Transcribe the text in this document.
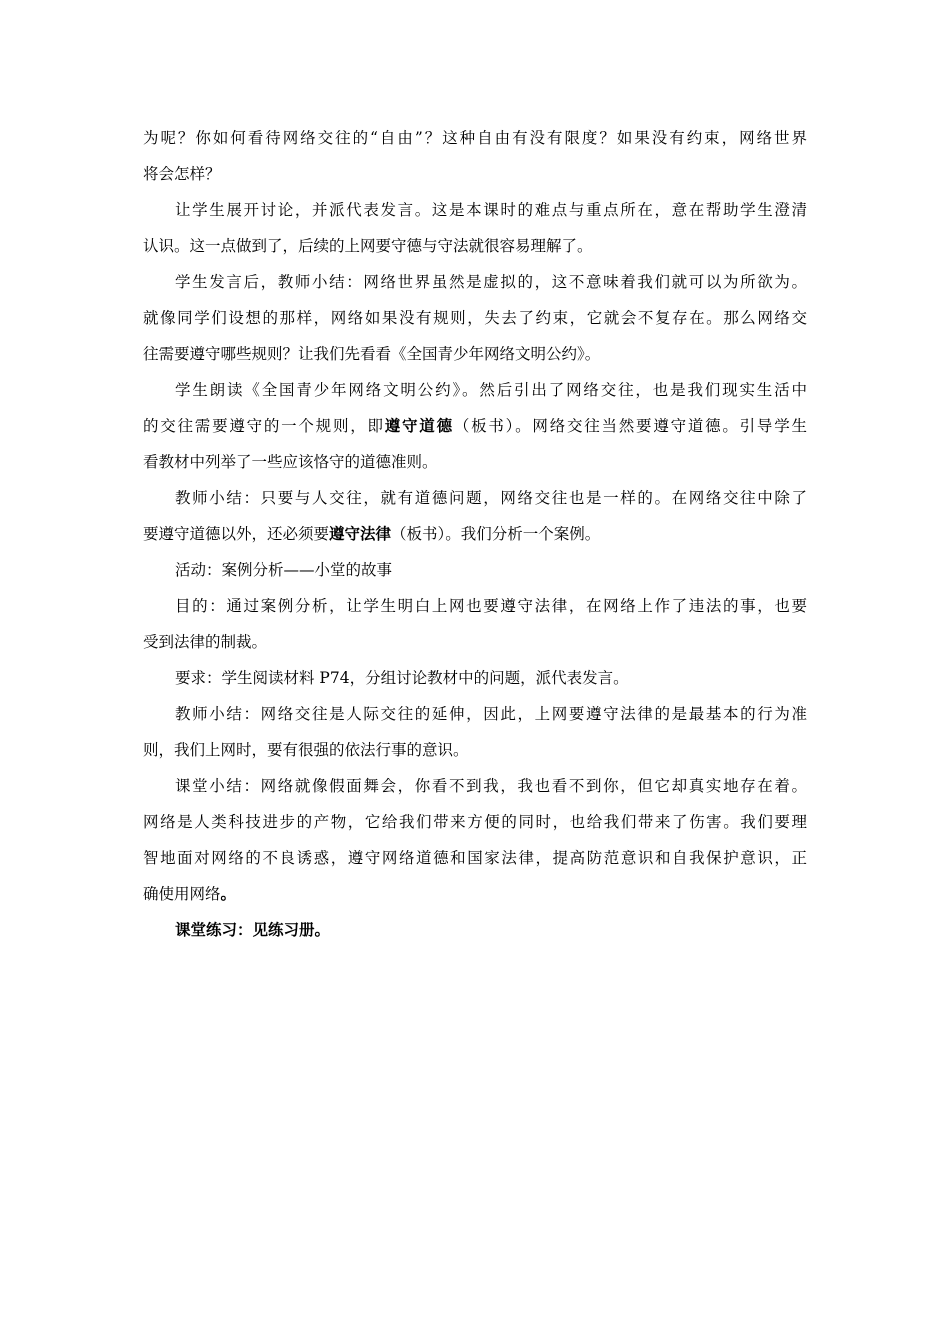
为呢？你如何看待网络交往的“自由”？这种自由有没有限度？如果没有约束，网络世界
将会怎样？
让学生展开讨论，并派代表发言。这是本课时的难点与重点所在，意在帮助学生澄清
认识。这一点做到了，后续的上网要守德与守法就很容易理解了。
学生发言后，教师小结：网络世界虽然是虚拟的，这不意味着我们就可以为所欲为。
就像同学们设想的那样，网络如果没有规则，失去了约束，它就会不复存在。那么网络交
往需要遵守哪些规则？让我们先看看《全国青少年网络文明公约》。
学生朗读《全国青少年网络文明公约》。然后引出了网络交往，也是我们现实生活中
的交往需要遵守的一个规则，即遵守道德（板书）。网络交往当然要遵守道德。引导学生
看教材中列举了一些应该恪守的道德准则。
教师小结：只要与人交往，就有道德问题，网络交往也是一样的。在网络交往中除了
要遵守道德以外，还必须要遵守法律（板书）。我们分析一个案例。
活动：案例分析——小堂的故事
目的：通过案例分析，让学生明白上网也要遵守法律，在网络上作了违法的事，也要
受到法律的制裁。
要求：学生阅读材料 P74，分组讨论教材中的问题，派代表发言。
教师小结：网络交往是人际交往的延伸，因此，上网要遵守法律的是最基本的行为准
则，我们上网时，要有很强的依法行事的意识。
课堂小结：网络就像假面舞会，你看不到我，我也看不到你，但它却真实地存在着。
网络是人类科技进步的产物，它给我们带来方便的同时，也给我们带来了伤害。我们要理
智地面对网络的不良诱惑，遵守网络道德和国家法律，提高防范意识和自我保护意识，正
确使用网络。
课堂练习：见练习册。
